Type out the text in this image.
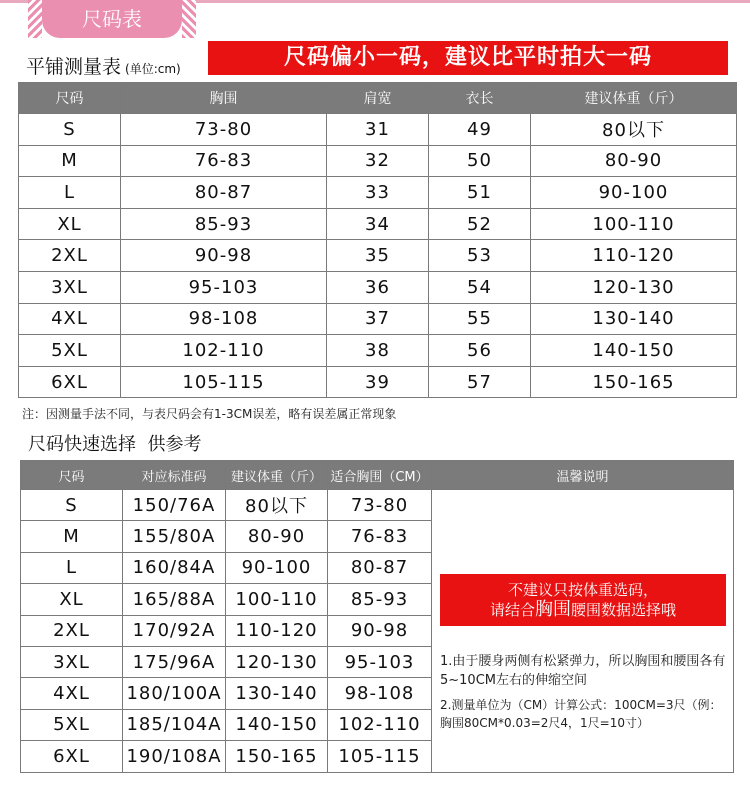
尺码表
平铺测量表 (单位:cm)	尺码偏小一码，建议比平时拍大一码
尺码	胸围	肩宽	衣长	建议体重（斤）
S	73-80	31	49	80以下
M	76-83	32	50	80-90
L	80-87	33	51	90-100
XL	85-93	34	52	100-110
2XL	90-98	35	53	110-120
3XL	95-103	36	54	120-130
4XL	98-108	37	55	130-140
5XL	102-110	38	56	140-150
6XL	105-115	39	57	150-165
注：因测量手法不同，与表尺码会有1-3CM误差，略有误差属正常现象
尺码快速选择  供参考
尺码	对应标准码	建议体重（斤）	适合胸围（CM）	温馨说明
S	150/76A	80以下	73-80	
M	155/80A	80-90	76-83	
L	160/84A	90-100	80-87	
XL	165/88A	100-110	85-93	
2XL	170/92A	110-120	90-98	
3XL	175/96A	120-130	95-103	
4XL	180/100A	130-140	98-108	
5XL	185/104A	140-150	102-110	
6XL	190/108A	150-165	105-115	
不建议只按体重选码，
请结合胸围腰围数据选择哦
1.由于腰身两侧有松紧弹力，所以胸围和腰围各有5~10CM左右的伸缩空间
2.测量单位为（CM）计算公式：100CM=3尺（例：胸围80CM*0.03=2尺4，1尺=10寸）
